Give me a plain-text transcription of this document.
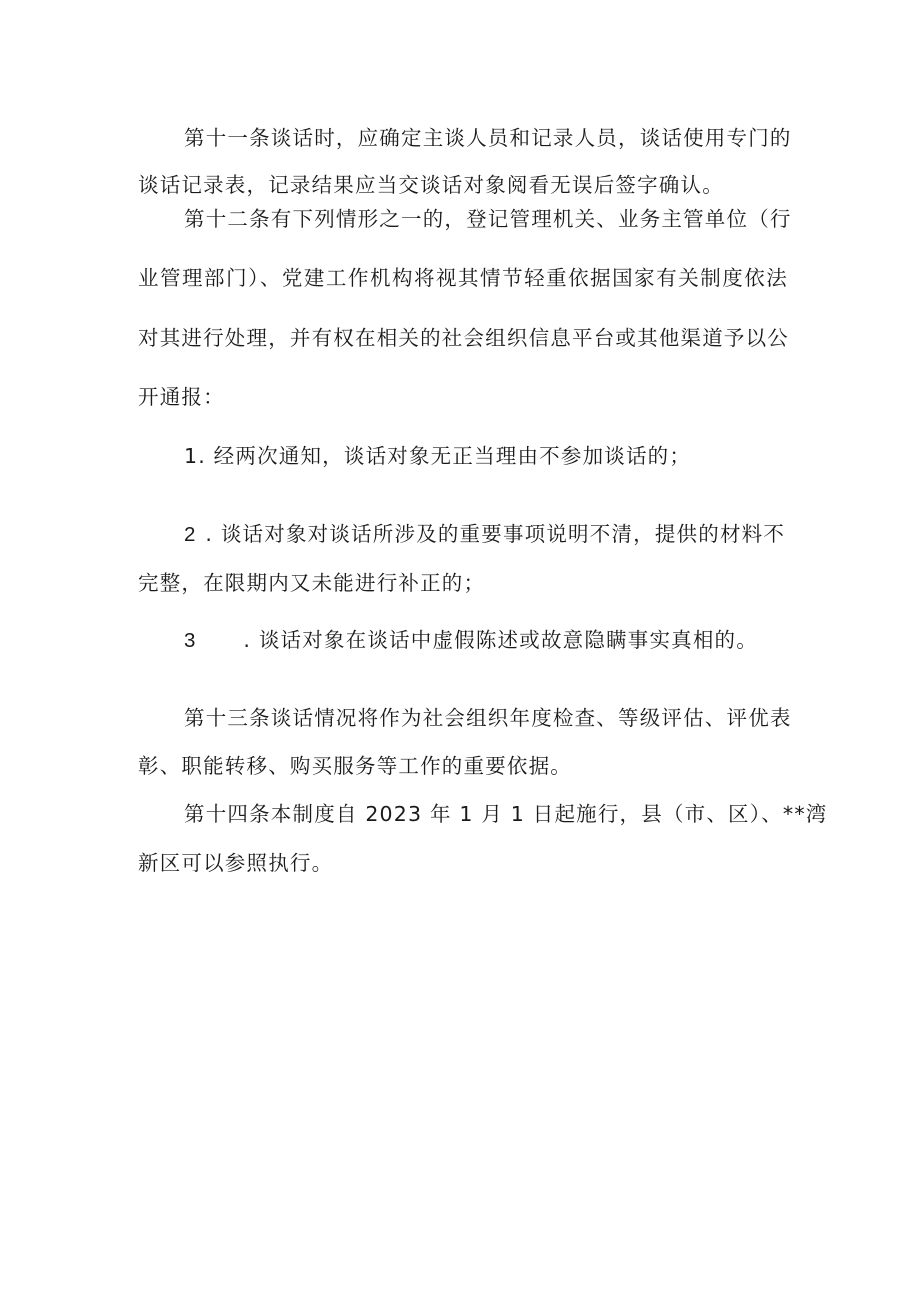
第十一条谈话时，应确定主谈人员和记录人员，谈话使用专门的
谈话记录表，记录结果应当交谈话对象阅看无误后签字确认。
第十二条有下列情形之一的，登记管理机关、业务主管单位（行
业管理部门）、党建工作机构将视其情节轻重依据国家有关制度依法
对其进行处理，并有权在相关的社会组织信息平台或其他渠道予以公
开通报：
1. 经两次通知，谈话对象无正当理由不参加谈话的；
2 . 谈话对象对谈话所涉及的重要事项说明不清，提供的材料不
完整，在限期内又未能进行补正的；
3 . 谈话对象在谈话中虚假陈述或故意隐瞒事实真相的。
第十三条谈话情况将作为社会组织年度检查、等级评估、评优表
彰、职能转移、购买服务等工作的重要依据。
第十四条本制度自 2023 年 1 月 1 日起施行，县（市、区）、**湾
新区可以参照执行。
